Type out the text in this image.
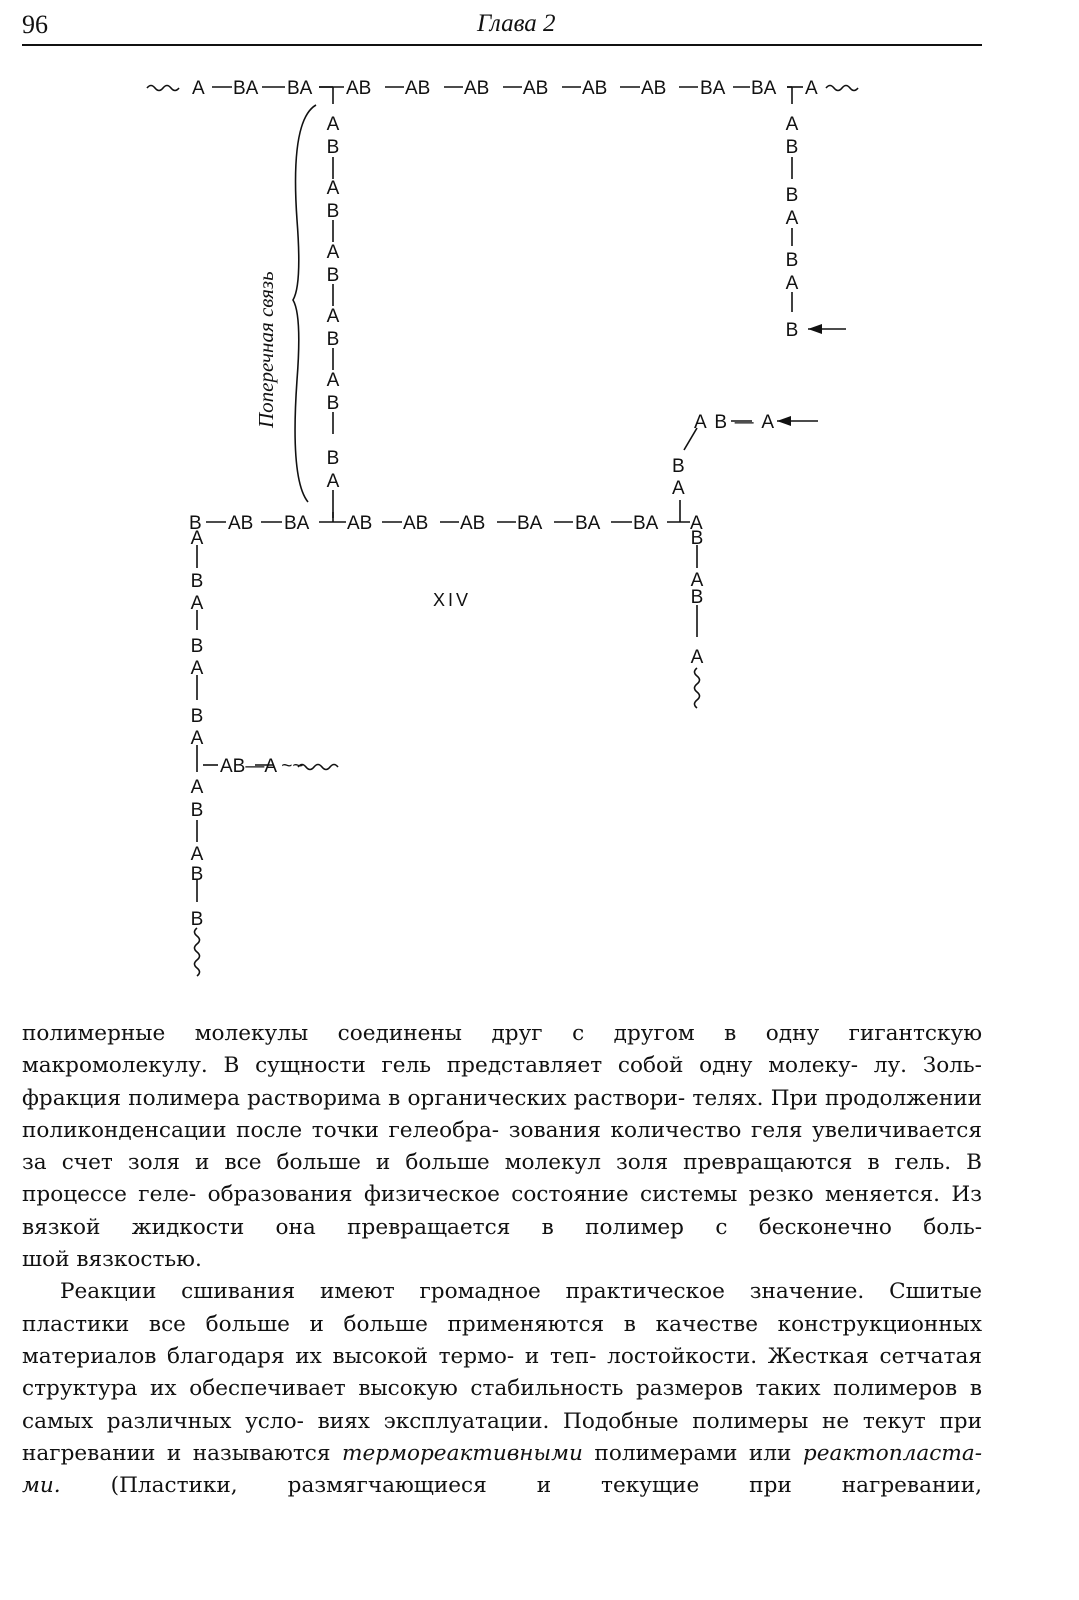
96	Глава 2
A BA BA AB AB AB AB AB AB BA BA A
A
B
A
B
A
B
A
B
A
B
B
A
Поперечная связь
A
B
B
A
B
A
B
AB—A
B
A
B AB BA AB AB AB BA BA BA A
B
A
B
A
A
B
A
B
A
B
A
AB—A ~~
A
B
A
B
B
XIV

полимерные молекулы соединены друг с другом в одну гигантскую макромолекулу. В сущности гель представляет собой одну молеку- лу. Золь-фракция полимера растворима в органических раствори- телях. При продолжении поликонденсации после точки гелеобра- зования количество геля увеличивается за счет золя и все больше и больше молекул золя превращаются в гель. В процессе геле- образования физическое состояние системы резко меняется. Из вязкой жидкости она превращается в полимер с бесконечно боль-

шой вязкостью.

Реакции сшивания имеют громадное практическое значение. Сшитые пластики все больше и больше применяются в качестве конструкционных материалов благодаря их высокой термо- и теп- лостойкости. Жесткая сетчатая структура их обеспечивает высокую стабильность размеров таких полимеров в самых различных усло- виях эксплуатации. Подобные полимеры не текут при нагревании и называются термореактивными полимерами или реактопласта- ми. (Пластики, размягчающиеся и текущие при нагревании,
